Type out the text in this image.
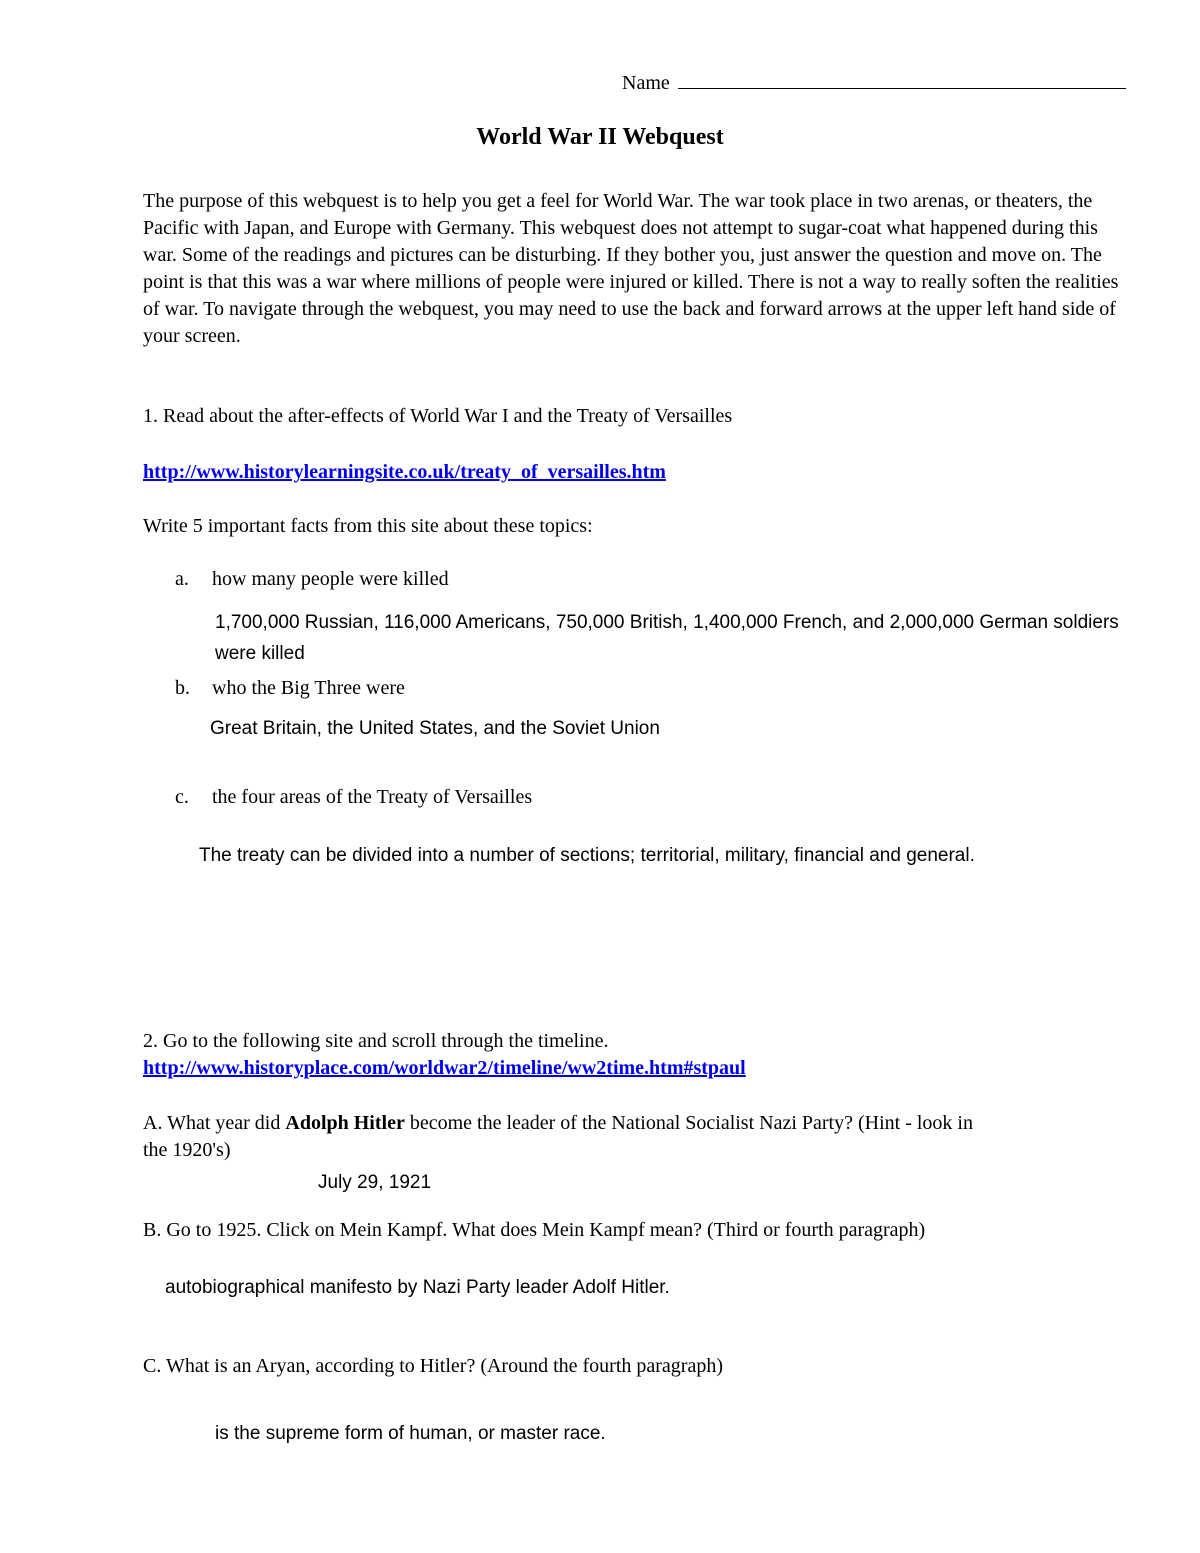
Name
World War II Webquest
The purpose of this webquest is to help you get a feel for World War. The war took place in two arenas, or theaters, the Pacific with Japan, and Europe with Germany. This webquest does not attempt to sugar-coat what happened during this war. Some of the readings and pictures can be disturbing. If they bother you, just answer the question and move on. The point is that this was a war where millions of people were injured or killed. There is not a way to really soften the realities of war. To navigate through the webquest, you may need to use the back and forward arrows at the upper left hand side of your screen.
1. Read about the after-effects of World War I and the Treaty of Versailles
http://www.historylearningsite.co.uk/treaty_of_versailles.htm
Write 5 important facts from this site about these topics:
a. how many people were killed
1,700,000 Russian, 116,000 Americans, 750,000 British, 1,400,000 French, and 2,000,000 German soldiers
were killed
b. who the Big Three were
Great Britain, the United States, and the Soviet Union
c. the four areas of the Treaty of Versailles
The treaty can be divided into a number of sections; territorial, military, financial and general.
2. Go to the following site and scroll through the timeline.
http://www.historyplace.com/worldwar2/timeline/ww2time.htm#stpaul
A. What year did Adolph Hitler become the leader of the National Socialist Nazi Party? (Hint - look in
the 1920's)
July 29, 1921
B. Go to 1925. Click on Mein Kampf. What does Mein Kampf mean? (Third or fourth paragraph)
autobiographical manifesto by Nazi Party leader Adolf Hitler.
C. What is an Aryan, according to Hitler? (Around the fourth paragraph)
is the supreme form of human, or master race.
